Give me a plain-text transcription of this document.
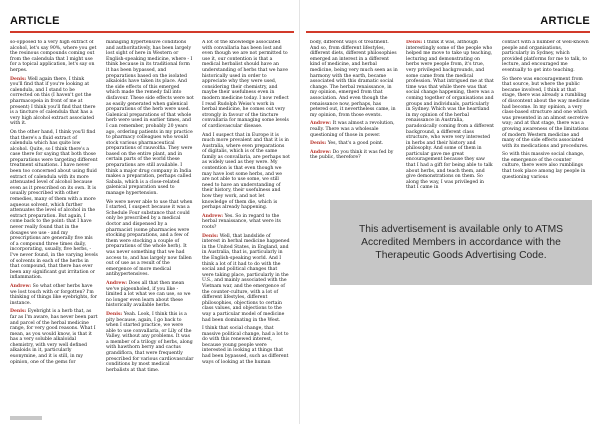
ARTICLE

so-opposed to a very high extract of alcohol, let's say 90%, where you get the resinous compounds coming out from the calendula that I might use for a topical application, let's say on herpes.

Denis: Well again there, I think you'll find that if you're looking at calendula, and I stand to be corrected on this (I haven't got the pharmacopeia in front of me at present) I think you'll find that there is a tincture of calendula that has a very high alcohol extract associated with it.

On the other hand, I think you'll find that there's a fluid extract of calendula which has quite low alcohol. Quite, so I think there's a case there for saying that both those preparations were targeting different treatment situations. I have never been too concerned about using fluid extract of calendula with its more attenuated level of alcohol because even as it prescribed on its own. It is usually prescribed with other remedies, many of them with a more aqueous solvent, which further attenuates the level of alcohol in the extract preparation. But again, I come back to the point: that I have never really found that in the dosages we use - and my prescriptions are generally five mls of a compound three times daily, incorporating, usually, five herbs, - I've never found, in the varying levels of solvents in each of the herbs in that compound, that there has ever been any significant gut irritation or inflammation.

Andrew: So what other herbs have we lost touch with or forgotten? I'm thinking of things like eyebrights, for instance.

Denis: Eyebright is a herb that, as far as I'm aware, has never been part and parcel of the herbal medicine range, for very good reasons. What I mean, as you would know, is that it has a very soluble alkaloidal chemistry, with very well defined alkaloids in it, particularly euonymine, and it is still, in my opinion, one of the gems for

managing hypertensive conditions and authoritatively, has been largely lost sight of here in Western or English-speaking medicine, where - I think because in its traditional form it has been bypassed, and preparations based on the isolated alkaloids have taken its place. And the side effects of this emerged which made the remedy fall into disfavour. These side effects were not as easily generated when galenical preparations of the herb were used. Galenical preparations of that whole herb were used in earlier times, and I can remember, probably 20 years ago, ordering patients in my practice to pharmacy colleagues who would stock various pharmaceutical preparations of rauwolfia. They were based on the entire plant, and in certain parts of the world these preparations are still available. I think a major drug company in India makes a preparation, perhaps called Sabala, which is a close-related galenical preparation used to manage hypertension.

We were never able to use that when I started, I suspect because it was a Schedule Four substance that could only be prescribed by a medical doctor and dispensed by a pharmacist (some pharmacies were stocking preparations, and a few of them were stocking a couple of preparations of the whole herb). It was never something that we had access to, and has largely now fallen out of use as a result of the emergence of more medical antihypertensives.

Andrew: Does all that then mean we've pigeonholed, if you like - limited a lot what we can use, so we no longer even learn about these historically available herbs.

Denis: Yeah. Look, I think this is a pity because, again, I go back to when I started practice, we were able to use convallaria, or Lily of the Valley, without any problems. It was a member of a trilogy of herbs, along with hawthorn berry and cactus grandiflora, that were frequently prescribed for various cardiovascular conditions by most medical herbalists at that time.

A lot of the knowledge associated with convallaria has been lost and even though we are not permitted to use it, our contention is that a medical herbalist should have an understanding of herbs that we have historically used in order to appreciate why they were used, considering their chemistry, and maybe their usefulness even in modern medicine today. I now reflect I read Rudolph Weiss's work in herbal medicine, he comes out very strongly in favour of the tincture convallaria for managing some levels of cardiovascular disease.

And I suspect that in Europe it is much more prevalent and that it is in Australia, where even preparations of digitalis, which is of the same family as convallaria, are perhaps not as widely used as they were. My contention is that even though we may have lost some herbs, and we are not able to use some, we still need to have an understanding of their history, their usefulness and how they work, and not let knowledge of them die, which is perhaps already happening.

Andrew: Yes. So in regard to the herbal renaissance, what were its roots?

Denis: Well, that landslide of interest in herbal medicine happened in the United States, in England, and in Australia, that is, particularly in the English-speaking world. And I think a lot of it had to do with the social and political changes that were taking place, particularly in the U.S., and mainly associated with the Vietnam war, and the emergence of the counter-culture, with a lot of different lifestyles, different philosophies, objections to certain class values, and objections to the way a particular model of medicine had been dominating in the West.

I think that social change, that massive political change, had a lot to do with this renewed interest, because young people were interested in looking at things that had been bypassed, such as different ways of looking at the human

ARTICLE

body, different ways of treatment. And so, from different lifestyles, different diets, different philosophies emerged an interest in a different kind of medicine, and herbal medicine, being very much seen as in harmony with the earth, became associated with this dramatic social change. The herbal renaissance, in my opinion, emerged from that association. And even though the renaissance now, perhaps, has petered out, it nevertheless came, in my opinion, from those events.

Andrew: It was almost a revolution, really. There was a wholesale questioning of those in power.

Denis: Yes, that's a good point.

Andrew: Do you think it was fed by the public, therefore?

Denis: I think it was, although interestingly some of the people who helped me move to take up teaching, lecturing and demonstrating on herbs were people from, it's true, very privileged backgrounds, and some came from the medical profession. What intrigued me at that time was that while there was that social change happening, there was a coming together of organisations and groups and individuals, particularly in Sydney. Which was the heartland in my opinion of the herbal renaissance in Australia, paradoxically coming from a different background, a different class structure, who were very interested in herbs and their history and philosophy. And some of them in particular gave me great encouragement because they saw that I had a gift for being able to talk about herbs, and teach them, and give demonstrations on them. So along the way, I was privileged in that I came in

contact with a number of well-known people and organisations, particularly in Sydney, which provided platforms for me to talk, to lecture, and encouraged me eventually to get into teaching.

So there was encouragement from that source, but where the public became involved, I think at that stage, there was already a rumbling of discontent about the way medicine had become. In my opinion, a very class-based structure and one which was presented in an almost secretive way; and at that stage, there was a growing awareness of the limitations of modern Western medicine and many of the side effects associated with its medications and procedures.

So with this massive social change, the emergence of the counter culture, there were also rumblings that took place among lay people in questioning various

This advertisement is available only to ATMS Accredited Members in accordance with the Therapeutic Goods Advertising Code.
